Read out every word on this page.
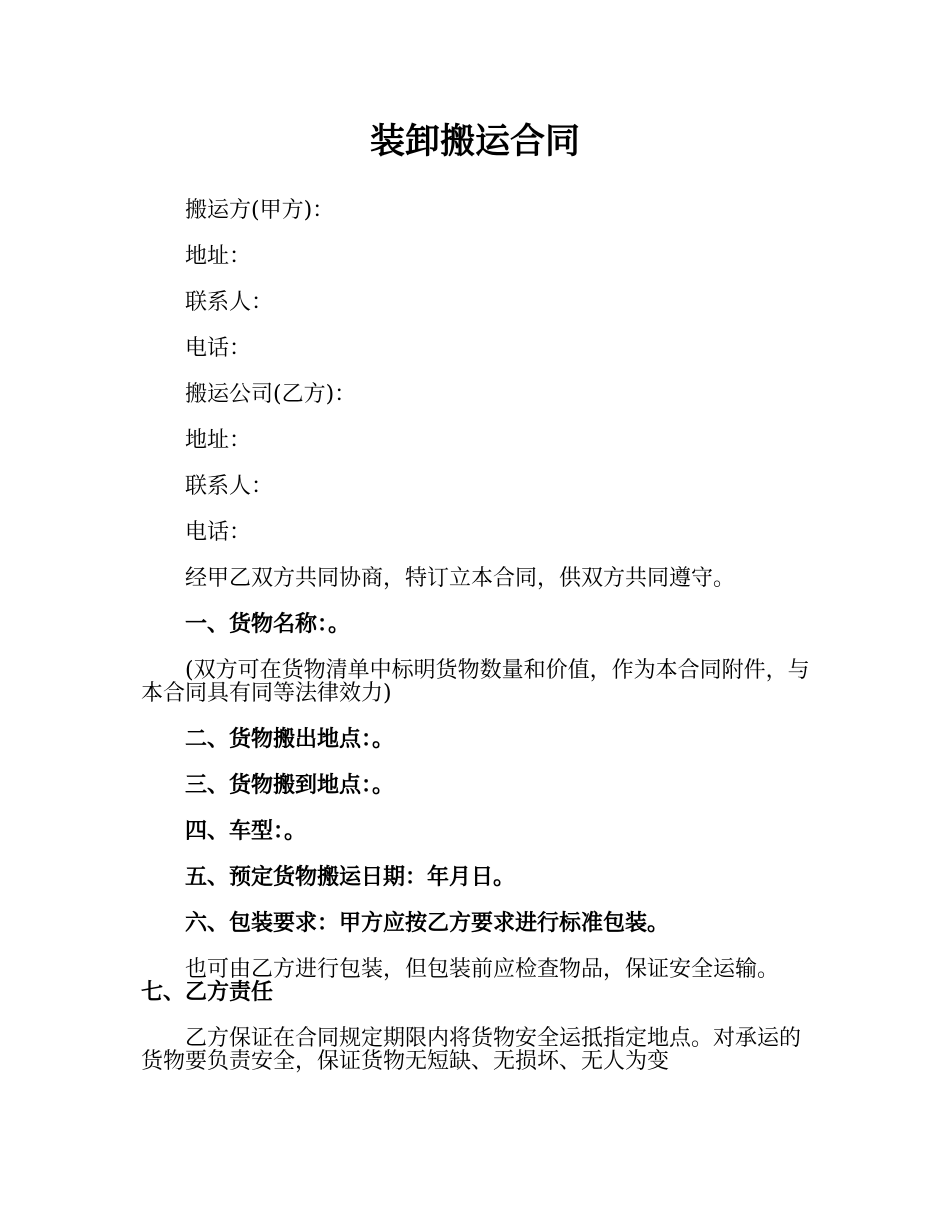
装卸搬运合同

搬运方(甲方)：

地址：

联系人：

电话：

搬运公司(乙方)：

地址：

联系人：

电话：

经甲乙双方共同协商，特订立本合同，供双方共同遵守。

一、货物名称：。

(双方可在货物清单中标明货物数量和价值，作为本合同附件，与本合同具有同等法律效力)

二、货物搬出地点：。

三、货物搬到地点：。

四、车型：。

五、预定货物搬运日期：年月日。

六、包装要求：甲方应按乙方要求进行标准包装。

也可由乙方进行包装，但包装前应检查物品，保证安全运输。七、乙方责任

乙方保证在合同规定期限内将货物安全运抵指定地点。对承运的货物要负责安全，保证货物无短缺、无损坏、无人为变
